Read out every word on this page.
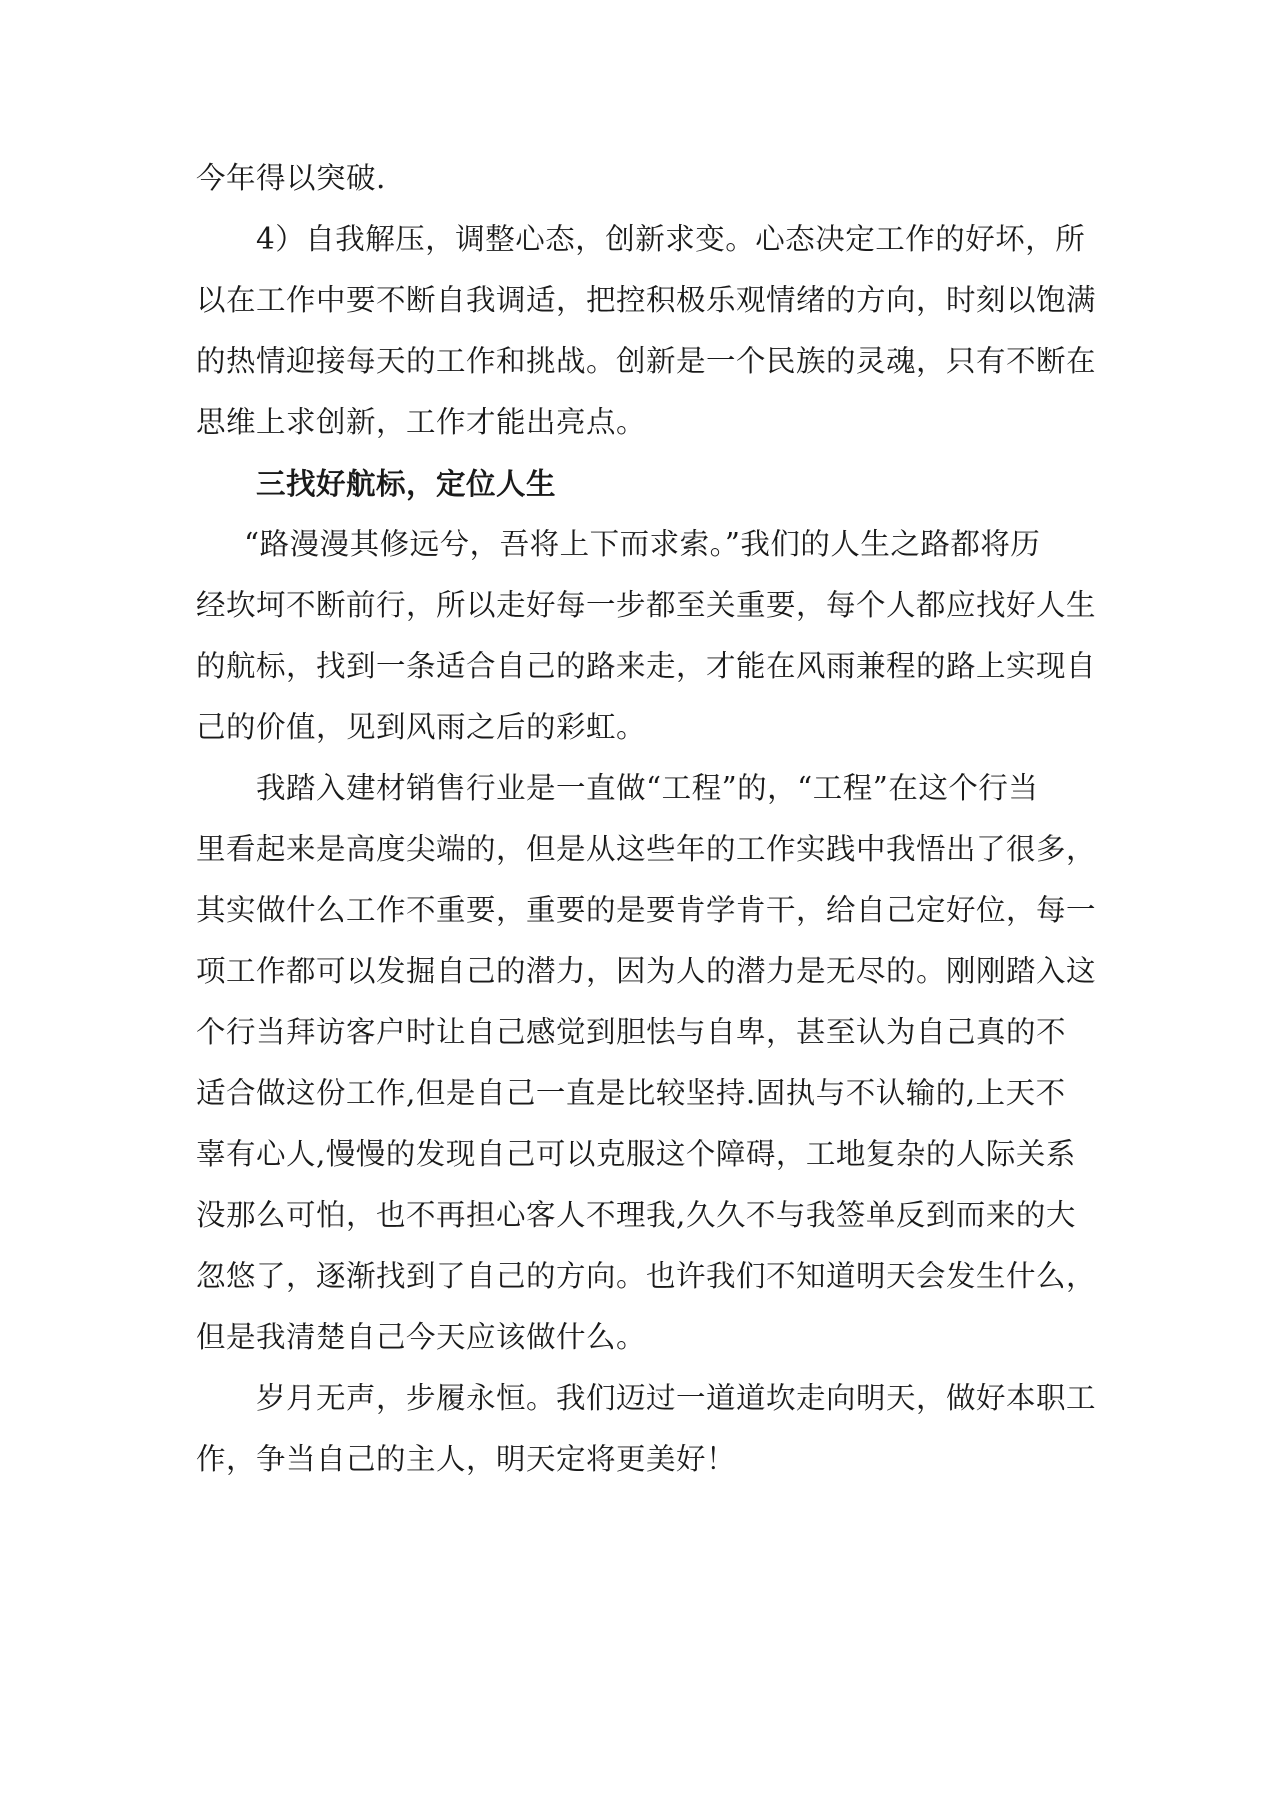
今年得以突破.
4）自我解压，调整心态，创新求变。心态决定工作的好坏，所
以在工作中要不断自我调适，把控积极乐观情绪的方向，时刻以饱满
的热情迎接每天的工作和挑战。创新是一个民族的灵魂，只有不断在
思维上求创新，工作才能出亮点。
三找好航标，定位人生
“路漫漫其修远兮，吾将上下而求索。”我们的人生之路都将历
经坎坷不断前行，所以走好每一步都至关重要，每个人都应找好人生
的航标，找到一条适合自己的路来走，才能在风雨兼程的路上实现自
己的价值，见到风雨之后的彩虹。
我踏入建材销售行业是一直做“工程”的，“工程”在这个行当
里看起来是高度尖端的，但是从这些年的工作实践中我悟出了很多，
其实做什么工作不重要，重要的是要肯学肯干，给自己定好位，每一
项工作都可以发掘自己的潜力，因为人的潜力是无尽的。刚刚踏入这
个行当拜访客户时让自己感觉到胆怯与自卑，甚至认为自己真的不
适合做这份工作,但是自己一直是比较坚持.固执与不认输的,上天不
辜有心人,慢慢的发现自己可以克服这个障碍，工地复杂的人际关系
没那么可怕，也不再担心客人不理我,久久不与我签单反到而来的大
忽悠了，逐渐找到了自己的方向。也许我们不知道明天会发生什么，
但是我清楚自己今天应该做什么。
岁月无声，步履永恒。我们迈过一道道坎走向明天，做好本职工
作，争当自己的主人，明天定将更美好！
